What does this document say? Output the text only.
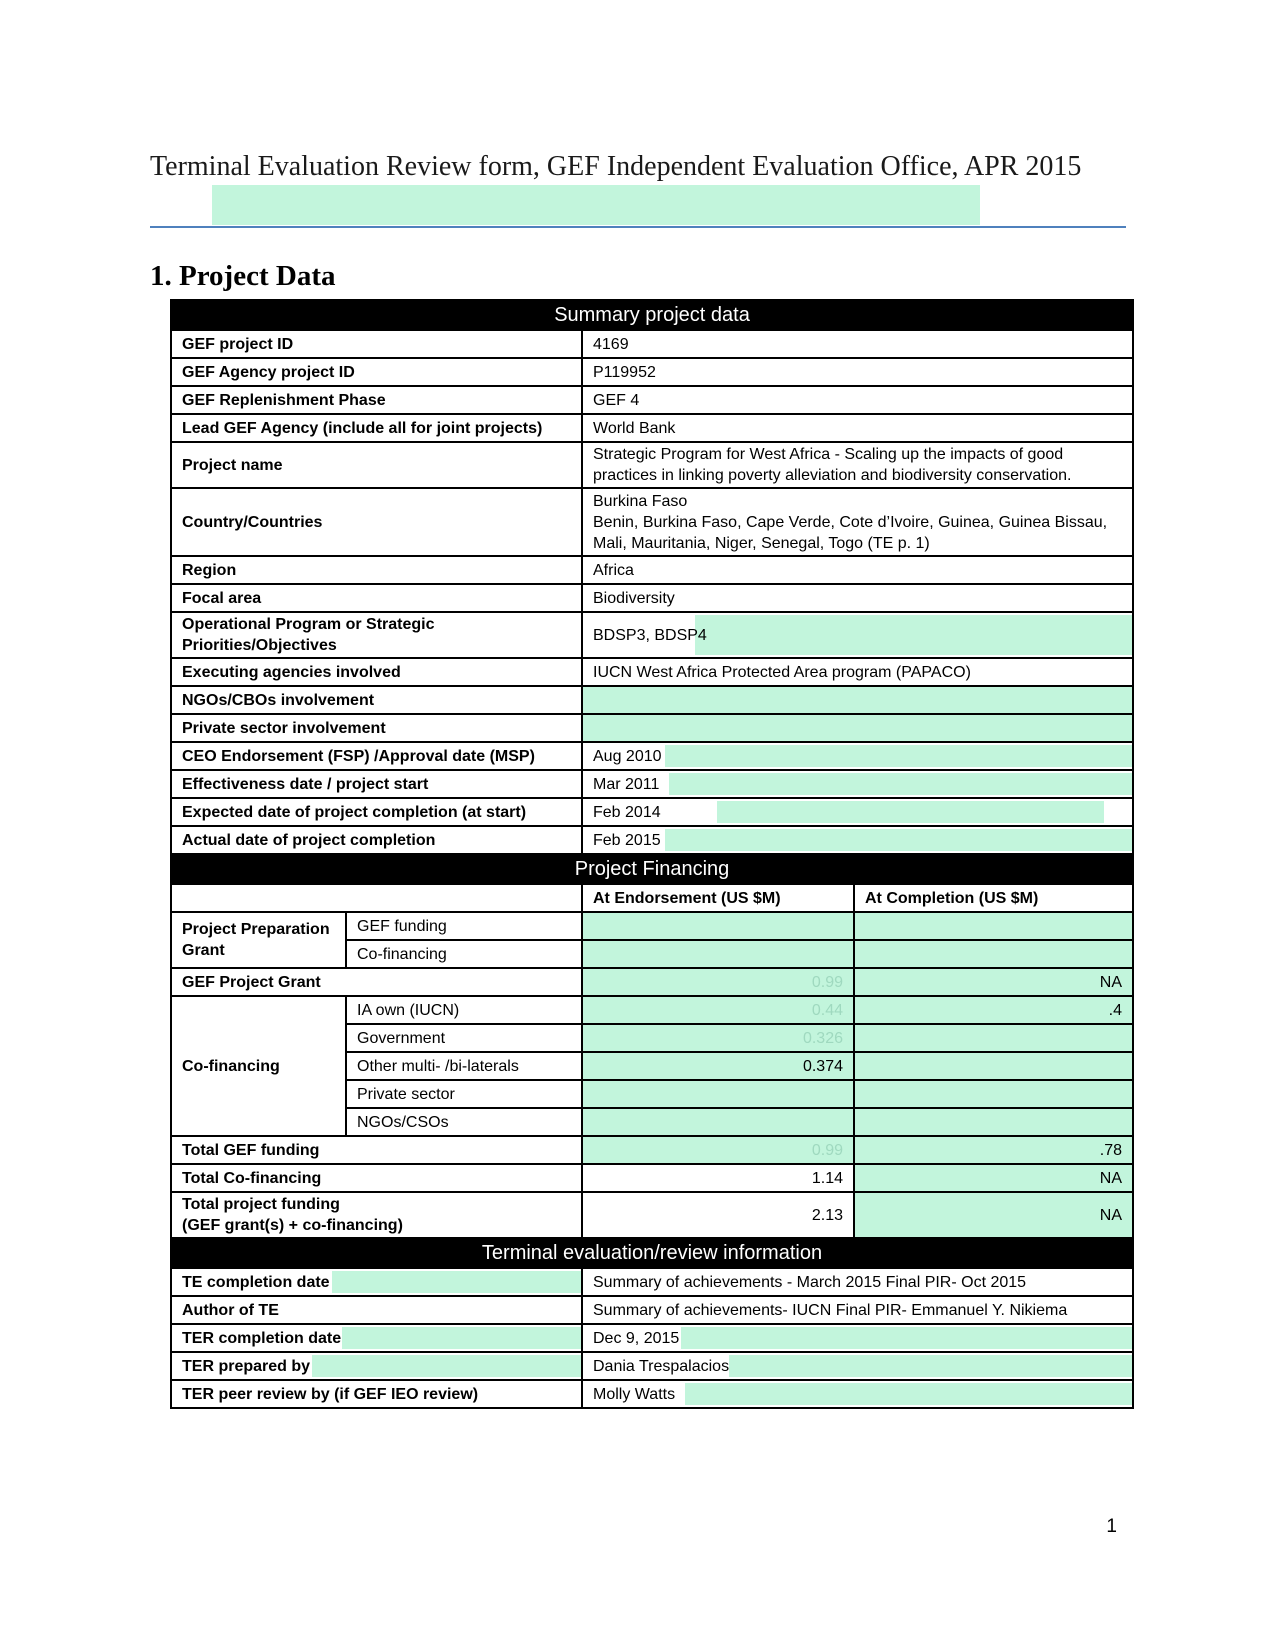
Terminal Evaluation Review form, GEF Independent Evaluation Office, APR 2015
1. Project Data
Summary project data			
GEF project ID		4169	
GEF Agency project ID		P119952	
GEF Replenishment Phase		GEF 4	
Lead GEF Agency (include all for joint projects)		World Bank	
Project name		Strategic Program for West Africa - Scaling up the impacts of good practices in linking poverty alleviation and biodiversity conservation.	
Country/Countries		Burkina Faso
Benin, Burkina Faso, Cape Verde, Cote d’Ivoire, Guinea, Guinea Bissau, Mali, Mauritania, Niger, Senegal, Togo (TE p. 1)	

Region		Africa	
Focal area		Biodiversity	
Operational Program or Strategic Priorities/Objectives		BDSP3, BDSP4	
Executing agencies involved		IUCN West Africa Protected Area program (PAPACO)	
NGOs/CBOs involvement			
Private sector involvement			
CEO Endorsement (FSP) /Approval date (MSP)		Aug 2010	
Effectiveness date / project start		Mar 2011	
Expected date of project completion (at start)		Feb 2014	
Actual date of project completion		Feb 2015	
Project Financing			
		At Endorsement (US $M)	At Completion (US $M)
Project Preparation Grant	GEF funding		
	Co-financing		
GEF Project Grant		0.99	NA
Co-financing	IA own (IUCN)	0.44	.4
	Government	0.326	
	Other multi- /bi-laterals	0.374	
	Private sector		
	NGOs/CSOs		
Total GEF funding		0.99	.78
Total Co-financing		1.14	NA

Total project funding
(GEF grant(s) + co-financing)		2.13	NA
Terminal evaluation/review information			

TE completion date		Summary of achievements - March 2015 Final PIR- Oct 2015	
Author of TE		Summary of achievements- IUCN Final PIR- Emmanuel Y. Nikiema	

TER completion date		Dec 9, 2015	

TER prepared by		Dania Trespalacios	
TER peer review by (if GEF IEO review)		Molly Watts	
1
